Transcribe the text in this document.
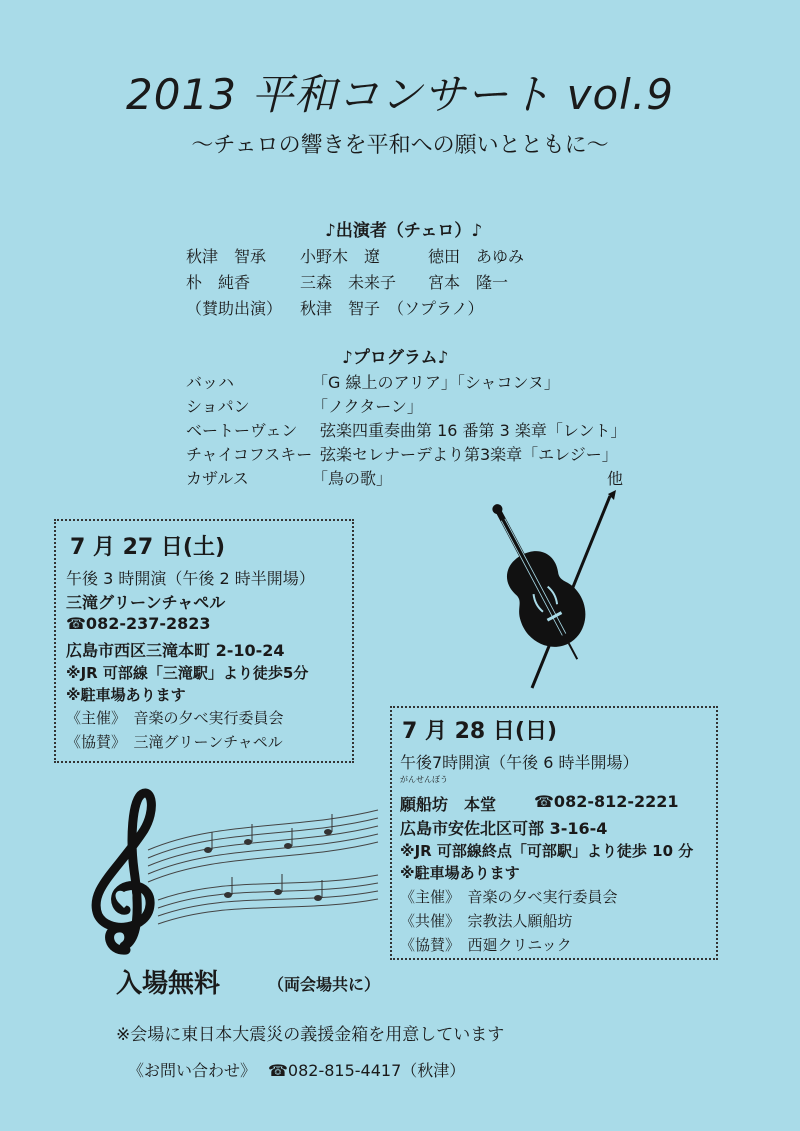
2013 平和コンサート vol.9
〜チェロの響きを平和への願いとともに〜
♪出演者（チェロ）♪
秋津　智承 小野木　遼	徳田　あゆみ
朴　純香	三森　未来子 宮本　隆一
（賛助出演） 秋津　智子　（ソプラノ）
♪プログラム♪
バッハ	「G 線上のアリア」「シャコンヌ」
ショパン	「ノクターン」
ベートーヴェン 弦楽四重奏曲第 16 番第 3 楽章「レント」
チャイコフスキー 弦楽セレナーデより第3楽章「エレジー」
カザルス	「鳥の歌」	他
7 月 27 日(土)
午後 3 時開演（午後 2 時半開場）
三滝グリーンチャペル
☎082-237-2823
広島市西区三滝本町 2-10-24
※JR 可部線「三滝駅」より徒歩5分
※駐車場あります
《主催》　音楽の夕べ実行委員会
《協賛》　三滝グリーンチャペル	7 月 28 日(日)
午後7時開演（午後 6 時半開場）
がんせんぼう
願船坊　本堂 ☎082-812-2221
広島市安佐北区可部 3-16-4
※JR 可部線終点「可部駅」より徒歩 10 分
※駐車場あります
《主催》　音楽の夕べ実行委員会
《共催》　宗教法人願船坊
《協賛》　西廻クリニック
入場無料	（両会場共に）
※会場に東日本大震災の義援金箱を用意しています
《お問い合わせ》 ☎082-815-4417（秋津）
